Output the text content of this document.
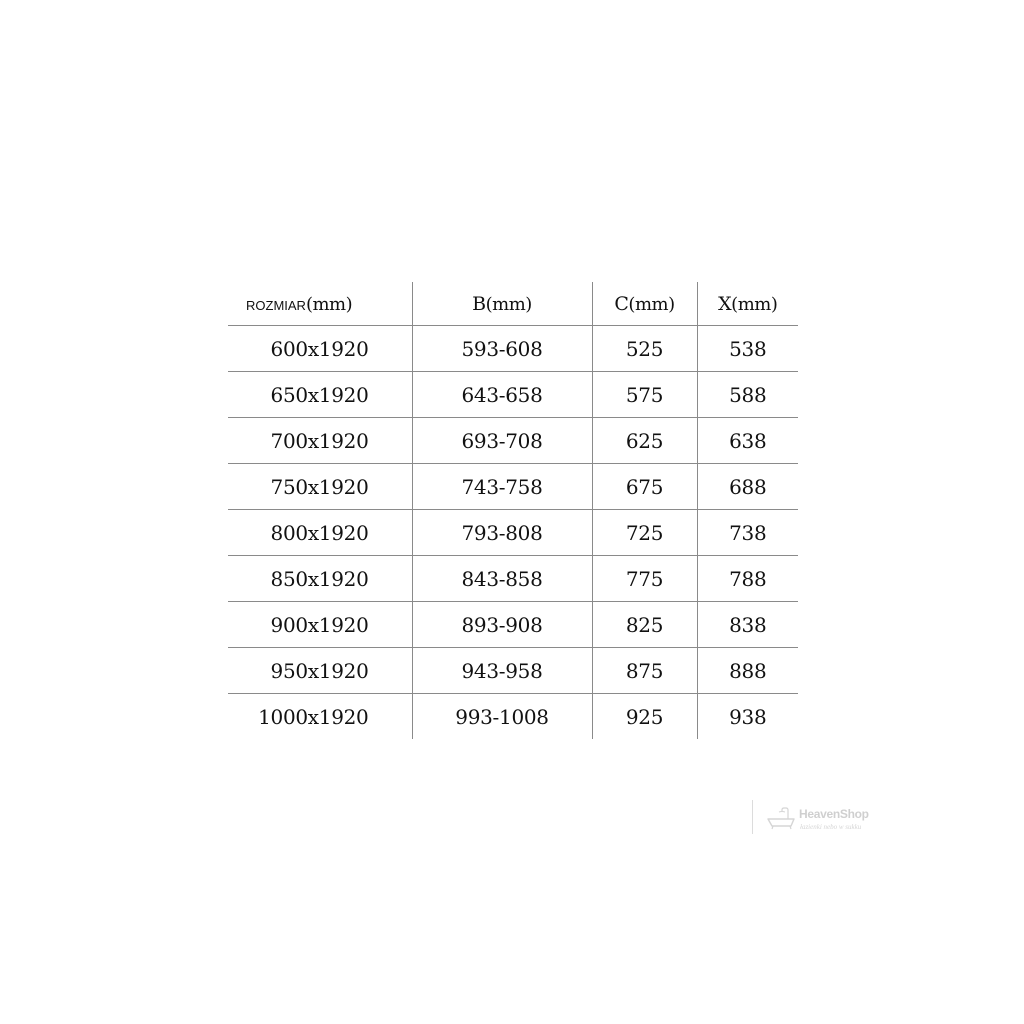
ROZMIAR(mm)	B(mm)	C(mm)	X(mm)
600x1920	593-608	525	538
650x1920	643-658	575	588
700x1920	693-708	625	638
750x1920	743-758	675	688
800x1920	793-808	725	738
850x1920	843-858	775	788
900x1920	893-908	825	838
950x1920	943-958	875	888
1000x1920	993-1008	925	938
HeavenShop
łazienki nebo w sukku
